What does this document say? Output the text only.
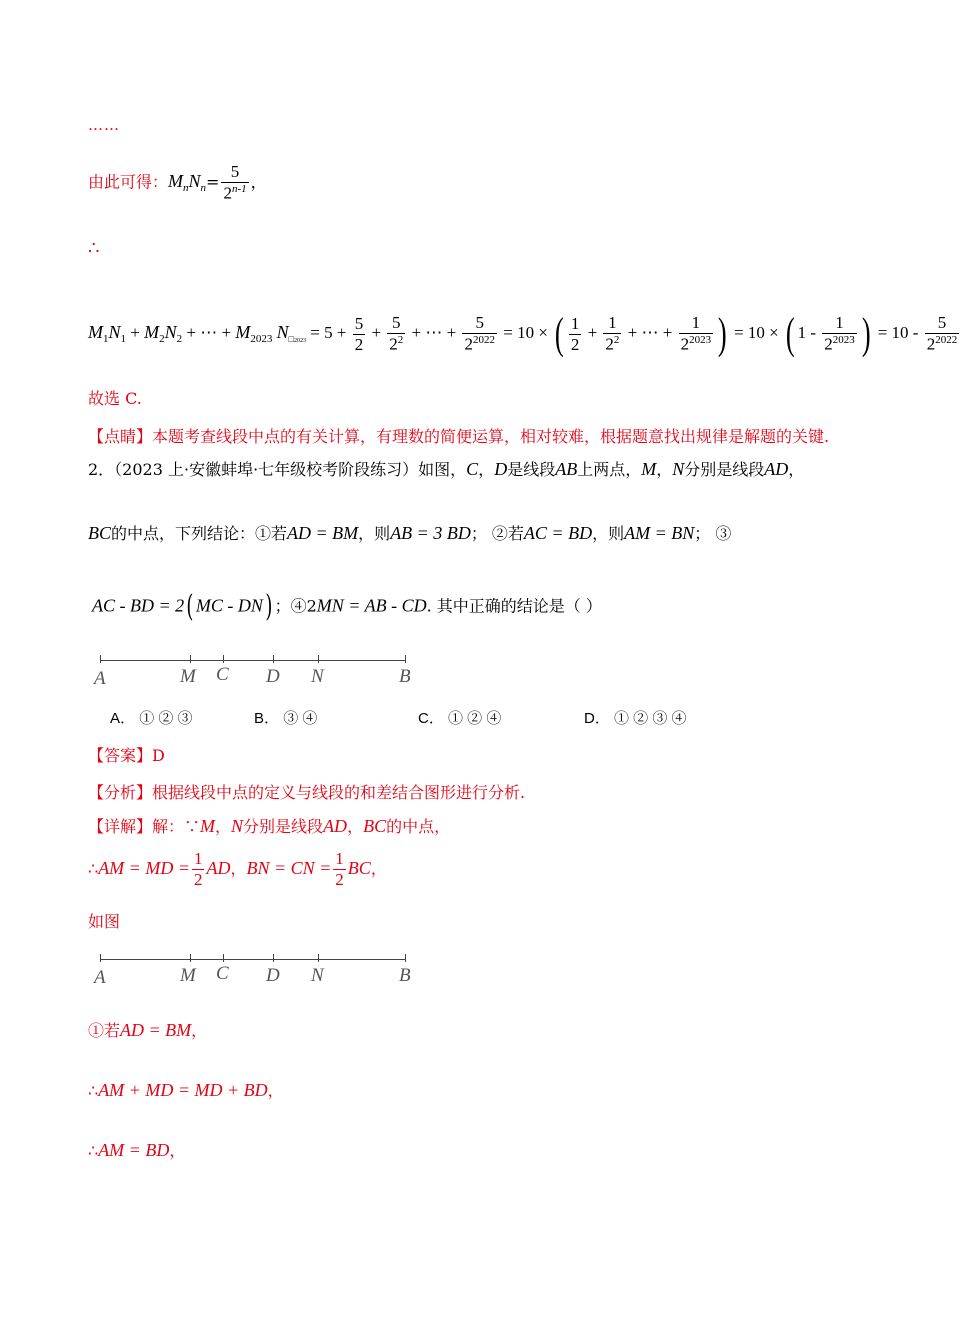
……
由此可得：$M_nN_n= \frac{5}{2^{n-1}}$ ，
∴
$M_1N_1 + M_2N_2$ + ⋯ + $M_{2023}$ $N_{□2023} = 5 + \frac{5}{2} + \frac{5}{2^2}$ + ⋯ + $\frac{5}{2^{2022}} = 10$ × ( $\frac{1}{2} + \frac{1}{2^2}$ + ⋯ + $\frac{1}{2^{2023}}$ ) = 10 × ( $1 - \frac{1}{2^{2023}}$ ) = $10 - \frac{5}{2^{2022}}$
故选 C.
【点睛】本题考查线段中点的有关计算，有理数的简便运算，相对较难，根据题意找出规律是解题的关键.
2．（2023 上·安徽蚌埠·七年级校考阶段练习）如图，C，D是线段AB上两点，M，N分别是线段AD，
BC的中点，下列结论：①若AD = BM，则AB = 3 BD； ②若AC = BD，则AM = BN； ③
AC - BD = 2( MC - DN) ；④2MN = AB - CD. 其中正确的结论是（ ）
A	M C D N	B
A． ① ② ③	B． ③ ④	C． ① ② ④	D． ① ② ③ ④
【答案】D
【分析】根据线段中点的定义与线段的和差结合图形进行分析.
【详解】解：∵M，N分别是线段AD，BC的中点，
∴AM = MD = $\frac{1}{2}$ AD，BN = CN = $\frac{1}{2}$ BC，
如图
A	M C D N	B
①若AD = BM，
∴AM + MD = MD + BD，
∴AM = BD，
